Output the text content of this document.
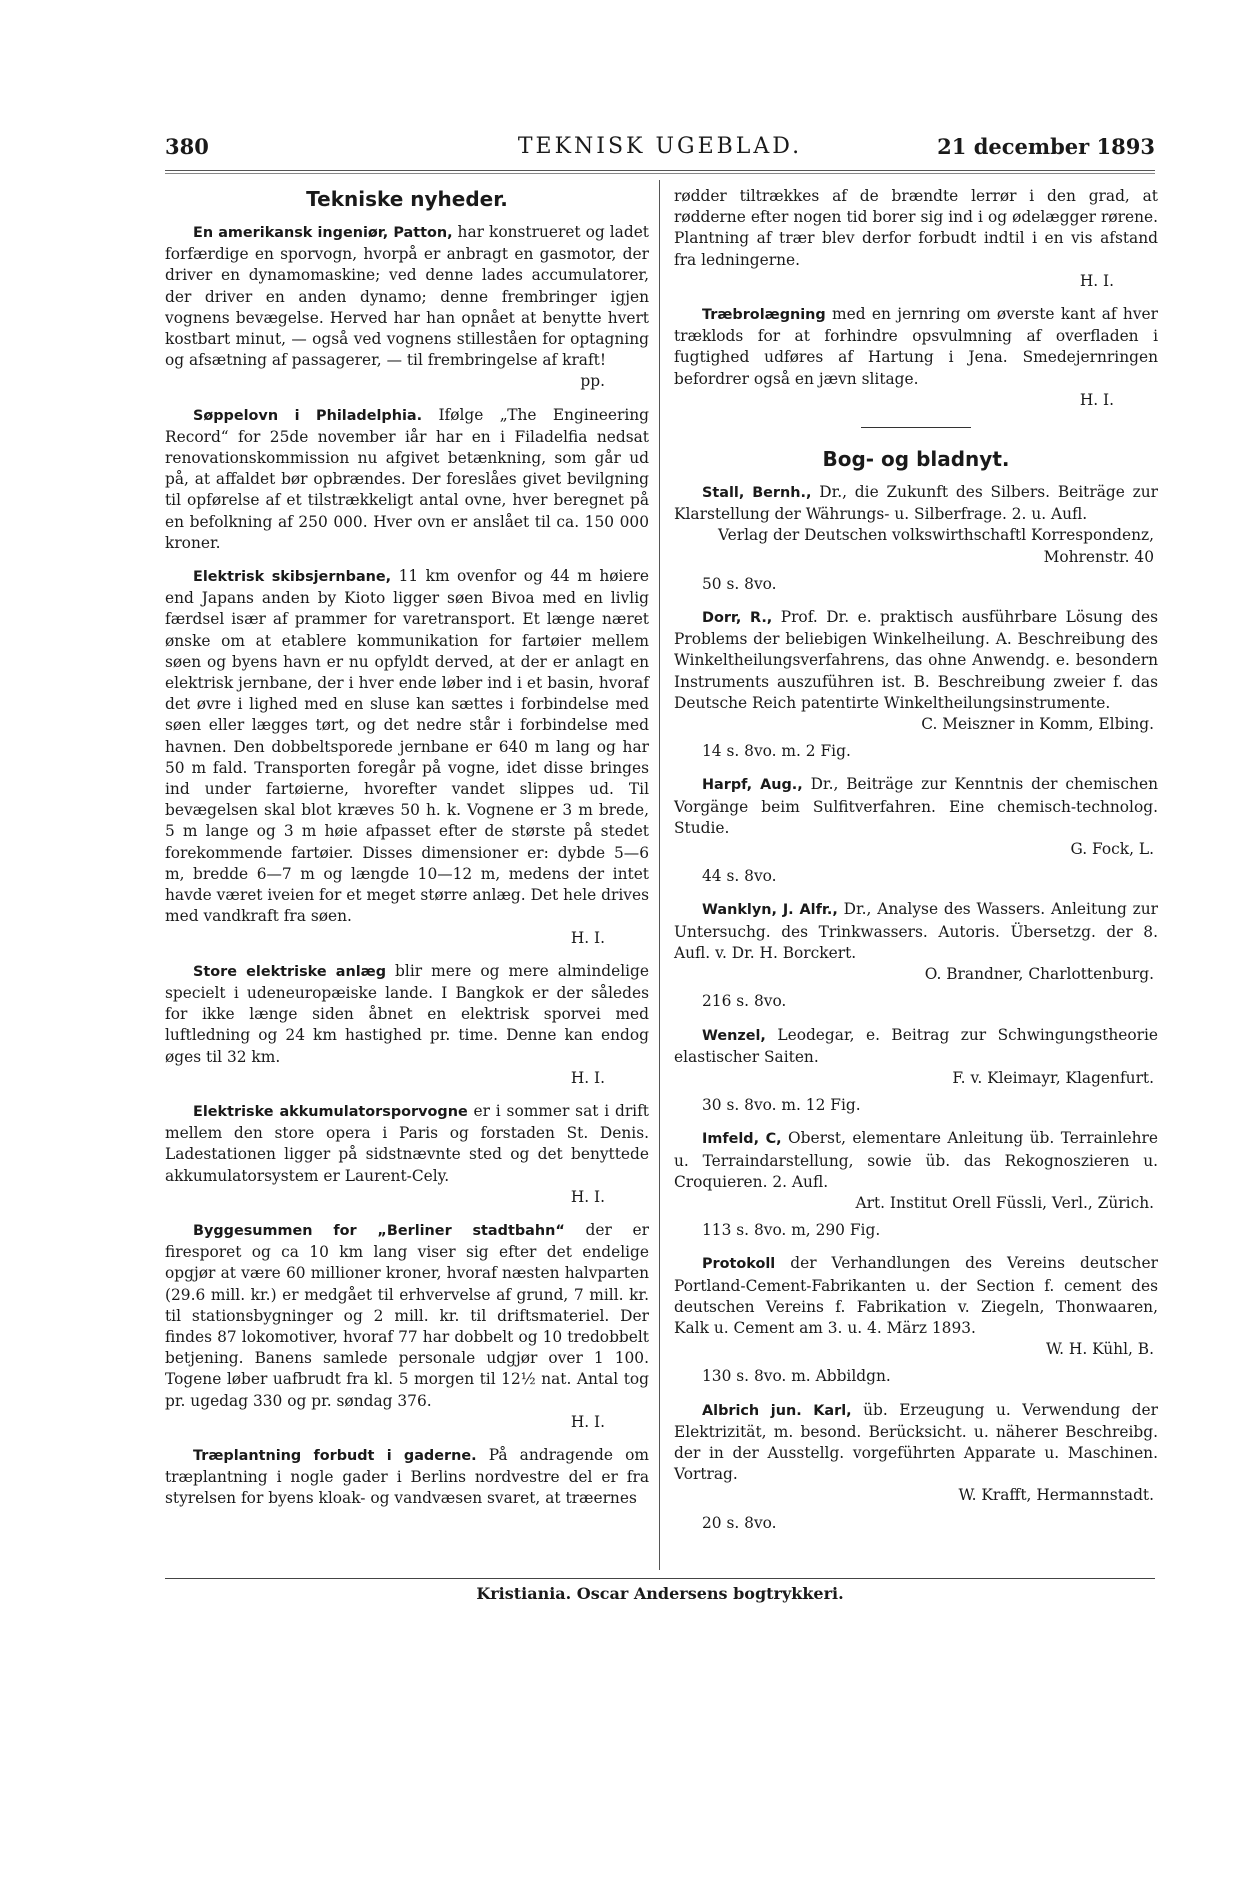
380	TEKNISK UGEBLAD.	21 december 1893
Tekniske nyheder.

En amerikansk ingeniør, Patton, har konstrueret og ladet forfærdige en sporvogn, hvorpå er anbragt en gasmotor, der driver en dynamomaskine; ved denne lades accumulatorer, der driver en anden dynamo; denne frembringer igjen vognens bevægelse. Herved har han opnået at benytte hvert kostbart minut, — også ved vognens stilleståen for optagning og afsætning af passagerer, — til frembringelse af kraft!

pp.

Søppelovn i Philadelphia. Ifølge „The Engineering Record“ for 25de november iår har en i Filadelfia nedsat renovationskommission nu afgivet betænkning, som går ud på, at affaldet bør opbrændes. Der foreslåes givet bevilgning til opførelse af et tilstrækkeligt antal ovne, hver beregnet på en befolkning af 250 000. Hver ovn er anslået til ca. 150 000 kroner.

Elektrisk skibsjernbane, 11 km ovenfor og 44 m høiere end Japans anden by Kioto ligger søen Bivoa med en livlig færdsel især af prammer for varetransport. Et længe næret ønske om at etablere kommunikation for fartøier mellem søen og byens havn er nu opfyldt derved, at der er anlagt en elektrisk jernbane, der i hver ende løber ind i et basin, hvoraf det øvre i lighed med en sluse kan sættes i forbindelse med søen eller lægges tørt, og det nedre står i forbindelse med havnen. Den dobbeltsporede jernbane er 640 m lang og har 50 m fald. Transporten foregår på vogne, idet disse bringes ind under fartøierne, hvorefter vandet slippes ud. Til bevægelsen skal blot kræves 50 h. k. Vognene er 3 m brede, 5 m lange og 3 m høie afpasset efter de største på stedet forekommende fartøier. Disses dimensioner er: dybde 5—6 m, bredde 6—7 m og længde 10—12 m, medens der intet havde været iveien for et meget større anlæg. Det hele drives med vandkraft fra søen.

H. I.

Store elektriske anlæg blir mere og mere almindelige specielt i udeneuropæiske lande. I Bangkok er der således for ikke længe siden åbnet en elektrisk sporvei med luftledning og 24 km hastighed pr. time. Denne kan endog øges til 32 km.

H. I.

Elektriske akkumulatorsporvogne er i sommer sat i drift mellem den store opera i Paris og forstaden St. Denis. Ladestationen ligger på sidstnævnte sted og det benyttede akkumulatorsystem er Laurent-Cely.

H. I.

Byggesummen for „Berliner stadtbahn“ der er firesporet og ca 10 km lang viser sig efter det endelige opgjør at være 60 millioner kroner, hvoraf næsten halvparten (29.6 mill. kr.) er medgået til erhvervelse af grund, 7 mill. kr. til stationsbygninger og 2 mill. kr. til driftsmateriel. Der findes 87 lokomotiver, hvoraf 77 har dobbelt og 10 tredobbelt betjening. Banens samlede personale udgjør over 1 100. Togene løber uafbrudt fra kl. 5 morgen til 12½ nat. Antal tog pr. ugedag 330 og pr. søndag 376.

H. I.

Træplantning forbudt i gaderne. På andragende om træplantning i nogle gader i Berlins nordvestre del er fra styrelsen for byens kloak- og vandvæsen svaret, at træernes

rødder tiltrækkes af de brændte lerrør i den grad, at rødderne efter nogen tid borer sig ind i og ødelægger rørene. Plantning af trær blev derfor forbudt indtil i en vis afstand fra ledningerne.

H. I.

Træbrolægning med en jernring om øverste kant af hver træklods for at forhindre opsvulmning af overfladen i fugtighed udføres af Hartung i Jena. Smedejernringen befordrer også en jævn slitage.

H. I.

Bog- og bladnyt.

Stall, Bernh., Dr., die Zukunft des Silbers. Beiträge zur Klarstellung der Währungs- u. Silberfrage. 2. u. Aufl.

Verlag der Deutschen volkswirthschaftl Korrespondenz, Mohrenstr. 40

50 s. 8vo.

Dorr, R., Prof. Dr. e. praktisch ausführbare Lösung des Problems der beliebigen Winkelheilung. A. Beschreibung des Winkeltheilungsverfahrens, das ohne Anwendg. e. besondern Instruments auszuführen ist. B. Beschreibung zweier f. das Deutsche Reich patentirte Winkeltheilungsinstrumente.

C. Meiszner in Komm, Elbing.

14 s. 8vo. m. 2 Fig.

Harpf, Aug., Dr., Beiträge zur Kenntnis der chemischen Vorgänge beim Sulfitverfahren. Eine chemisch-technolog. Studie.

G. Fock, L.

44 s. 8vo.

Wanklyn, J. Alfr., Dr., Analyse des Wassers. Anleitung zur Untersuchg. des Trinkwassers. Autoris. Übersetzg. der 8. Aufl. v. Dr. H. Borckert.

O. Brandner, Charlottenburg.

216 s. 8vo.

Wenzel, Leodegar, e. Beitrag zur Schwingungstheorie elastischer Saiten.

F. v. Kleimayr, Klagenfurt.

30 s. 8vo. m. 12 Fig.

Imfeld, C, Oberst, elementare Anleitung üb. Terrainlehre u. Terraindarstellung, sowie üb. das Rekognoszieren u. Croquieren. 2. Aufl.

Art. Institut Orell Füssli, Verl., Zürich.

113 s. 8vo. m, 290 Fig.

Protokoll der Verhandlungen des Vereins deutscher Portland-Cement-Fabrikanten u. der Section f. cement des deutschen Vereins f. Fabrikation v. Ziegeln, Thonwaaren, Kalk u. Cement am 3. u. 4. März 1893.

W. H. Kühl, B.

130 s. 8vo. m. Abbildgn.

Albrich jun. Karl, üb. Erzeugung u. Verwendung der Elektrizität, m. besond. Berücksicht. u. näherer Beschreibg. der in der Ausstellg. vorgeführten Apparate u. Maschinen. Vortrag.

W. Krafft, Hermannstadt.

20 s. 8vo.

Kristiania. Oscar Andersens bogtrykkeri.
